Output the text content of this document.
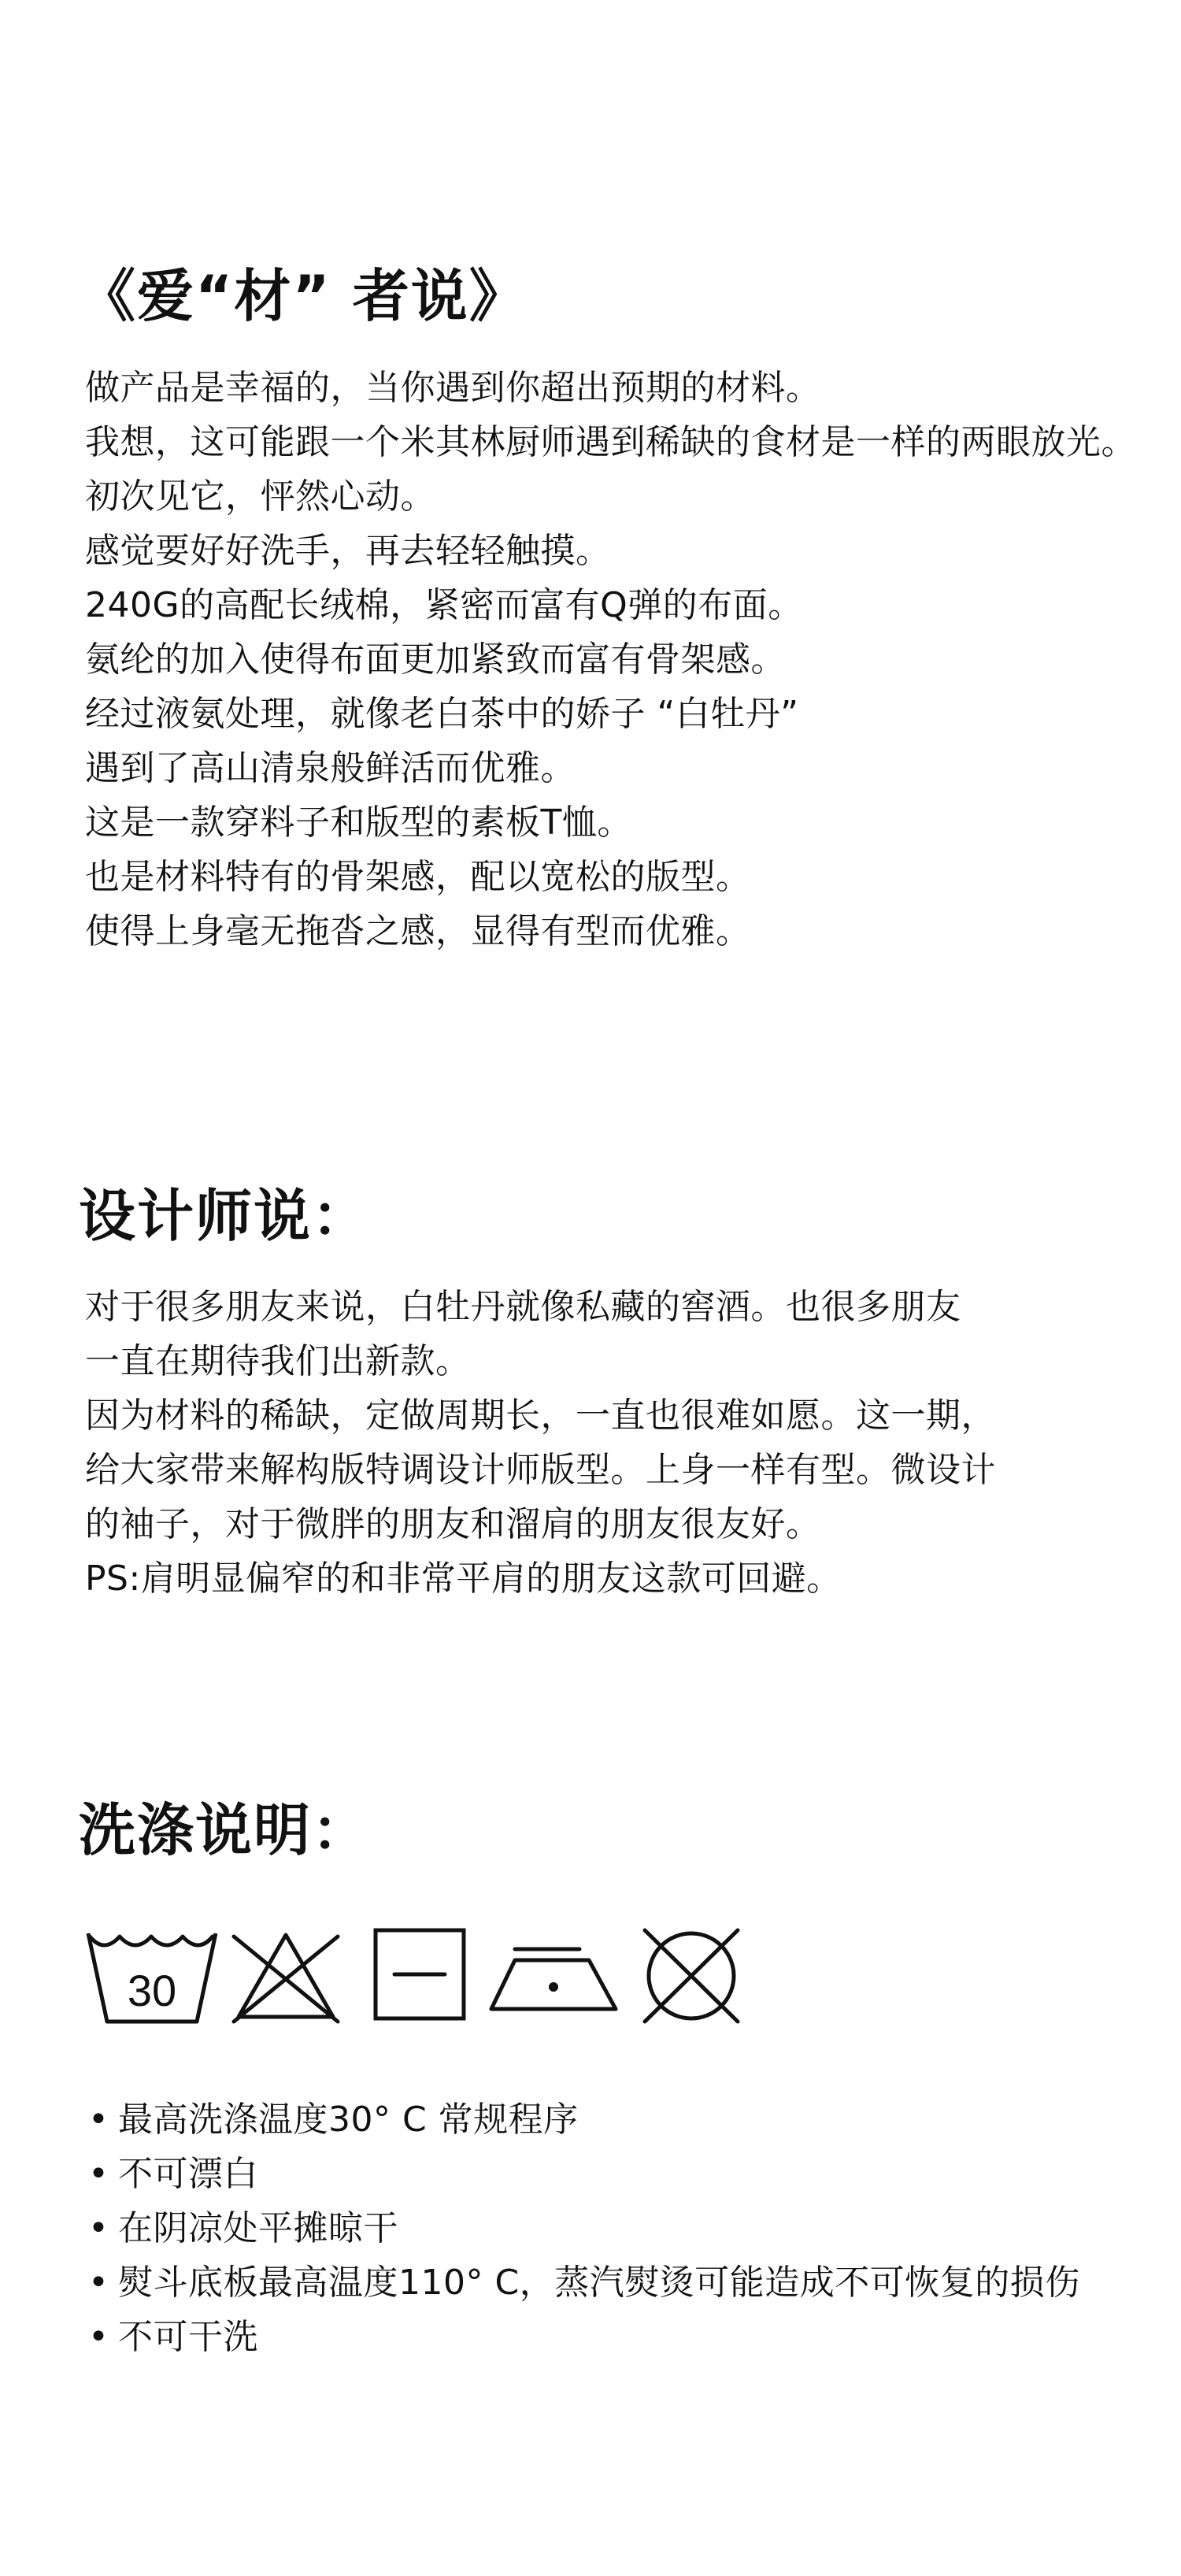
《爱“材” 者说》
做产品是幸福的，当你遇到你超出预期的材料。
我想，这可能跟一个米其林厨师遇到稀缺的食材是一样的两眼放光。
初次见它，怦然心动。
感觉要好好洗手，再去轻轻触摸。
240G的高配长绒棉，紧密而富有Q弹的布面。
氨纶的加入使得布面更加紧致而富有骨架感。
经过液氨处理，就像老白茶中的娇子 “白牡丹”
遇到了高山清泉般鲜活而优雅。
这是一款穿料子和版型的素板T恤。
也是材料特有的骨架感，配以宽松的版型。
使得上身毫无拖沓之感，显得有型而优雅。
设计师说：
对于很多朋友来说，白牡丹就像私藏的窖酒。也很多朋友
一直在期待我们出新款。
因为材料的稀缺，定做周期长，一直也很难如愿。这一期，
给大家带来解构版特调设计师版型。上身一样有型。微设计
的袖子，对于微胖的朋友和溜肩的朋友很友好。
PS:肩明显偏窄的和非常平肩的朋友这款可回避。
洗涤说明：
30
• 最高洗涤温度30° C 常规程序
• 不可漂白
• 在阴凉处平摊晾干
• 熨斗底板最高温度110° C，蒸汽熨烫可能造成不可恢复的损伤
• 不可干洗
